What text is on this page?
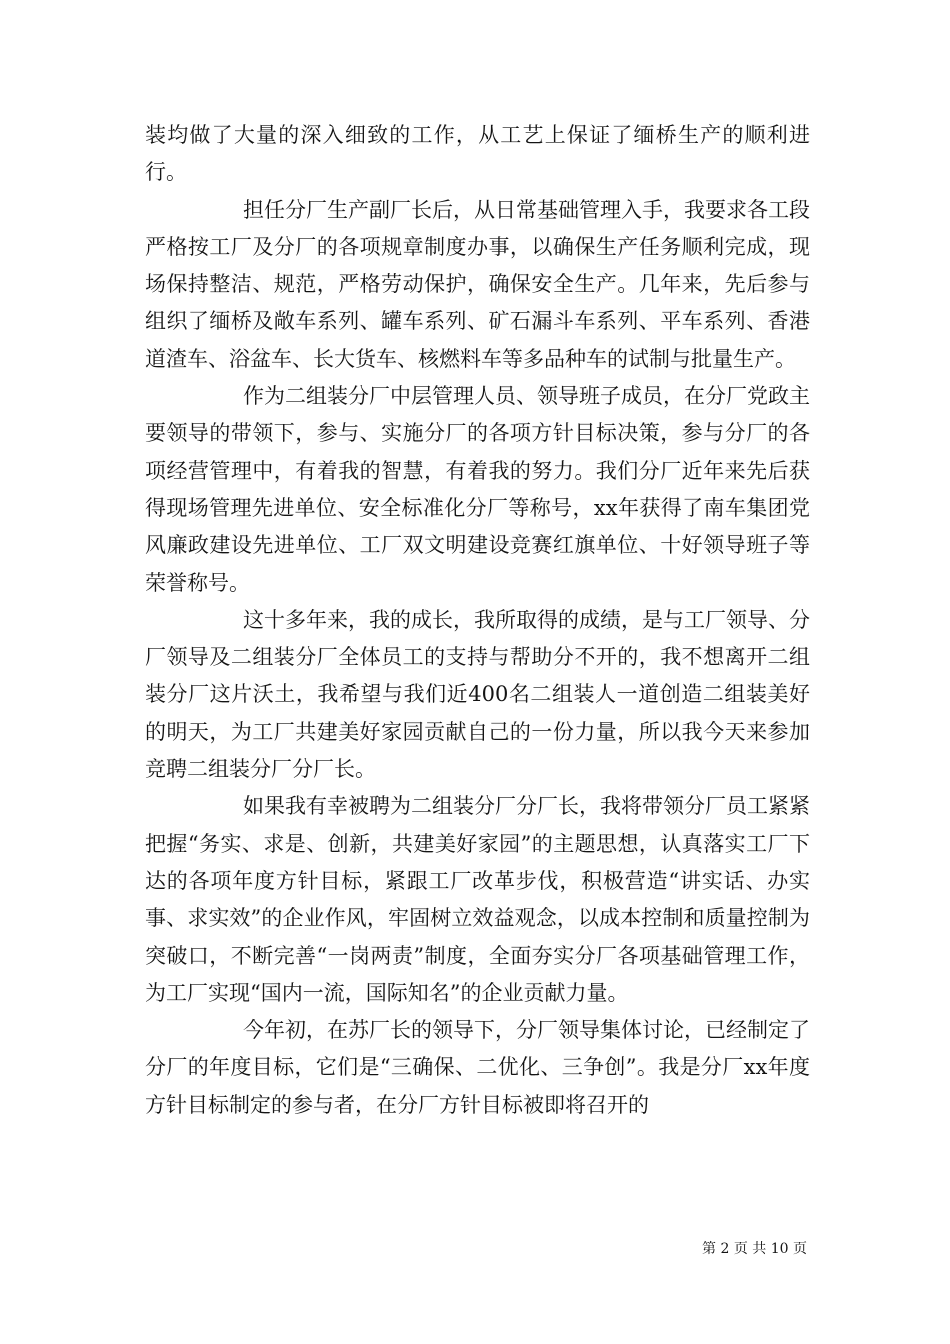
装均做了大量的深入细致的工作，从工艺上保证了缅桥生产的顺利进行。

担任分厂生产副厂长后，从日常基础管理入手，我要求各工段严格按工厂及分厂的各项规章制度办事，以确保生产任务顺利完成，现场保持整洁、规范，严格劳动保护，确保安全生产。几年来，先后参与组织了缅桥及敞车系列、罐车系列、矿石漏斗车系列、平车系列、香港道渣车、浴盆车、长大货车、核燃料车等多品种车的试制与批量生产。

作为二组装分厂中层管理人员、领导班子成员，在分厂党政主要领导的带领下，参与、实施分厂的各项方针目标决策，参与分厂的各项经营管理中，有着我的智慧，有着我的努力。我们分厂近年来先后获得现场管理先进单位、安全标准化分厂等称号，xx年获得了南车集团党风廉政建设先进单位、工厂双文明建设竞赛红旗单位、十好领导班子等荣誉称号。

这十多年来，我的成长，我所取得的成绩，是与工厂领导、分厂领导及二组装分厂全体员工的支持与帮助分不开的，我不想离开二组装分厂这片沃土，我希望与我们近400名二组装人一道创造二组装美好的明天，为工厂共建美好家园贡献自己的一份力量，所以我今天来参加竞聘二组装分厂分厂长。

如果我有幸被聘为二组装分厂分厂长，我将带领分厂员工紧紧把握“务实、求是、创新，共建美好家园”的主题思想，认真落实工厂下达的各项年度方针目标，紧跟工厂改革步伐，积极营造“讲实话、办实事、求实效”的企业作风，牢固树立效益观念，以成本控制和质量控制为突破口，不断完善“一岗两责”制度，全面夯实分厂各项基础管理工作，为工厂实现“国内一流，国际知名”的企业贡献力量。

今年初，在苏厂长的领导下，分厂领导集体讨论，已经制定了分厂的年度目标，它们是“三确保、二优化、三争创”。我是分厂xx年度方针目标制定的参与者，在分厂方针目标被即将召开的

第 2 页 共 10 页
